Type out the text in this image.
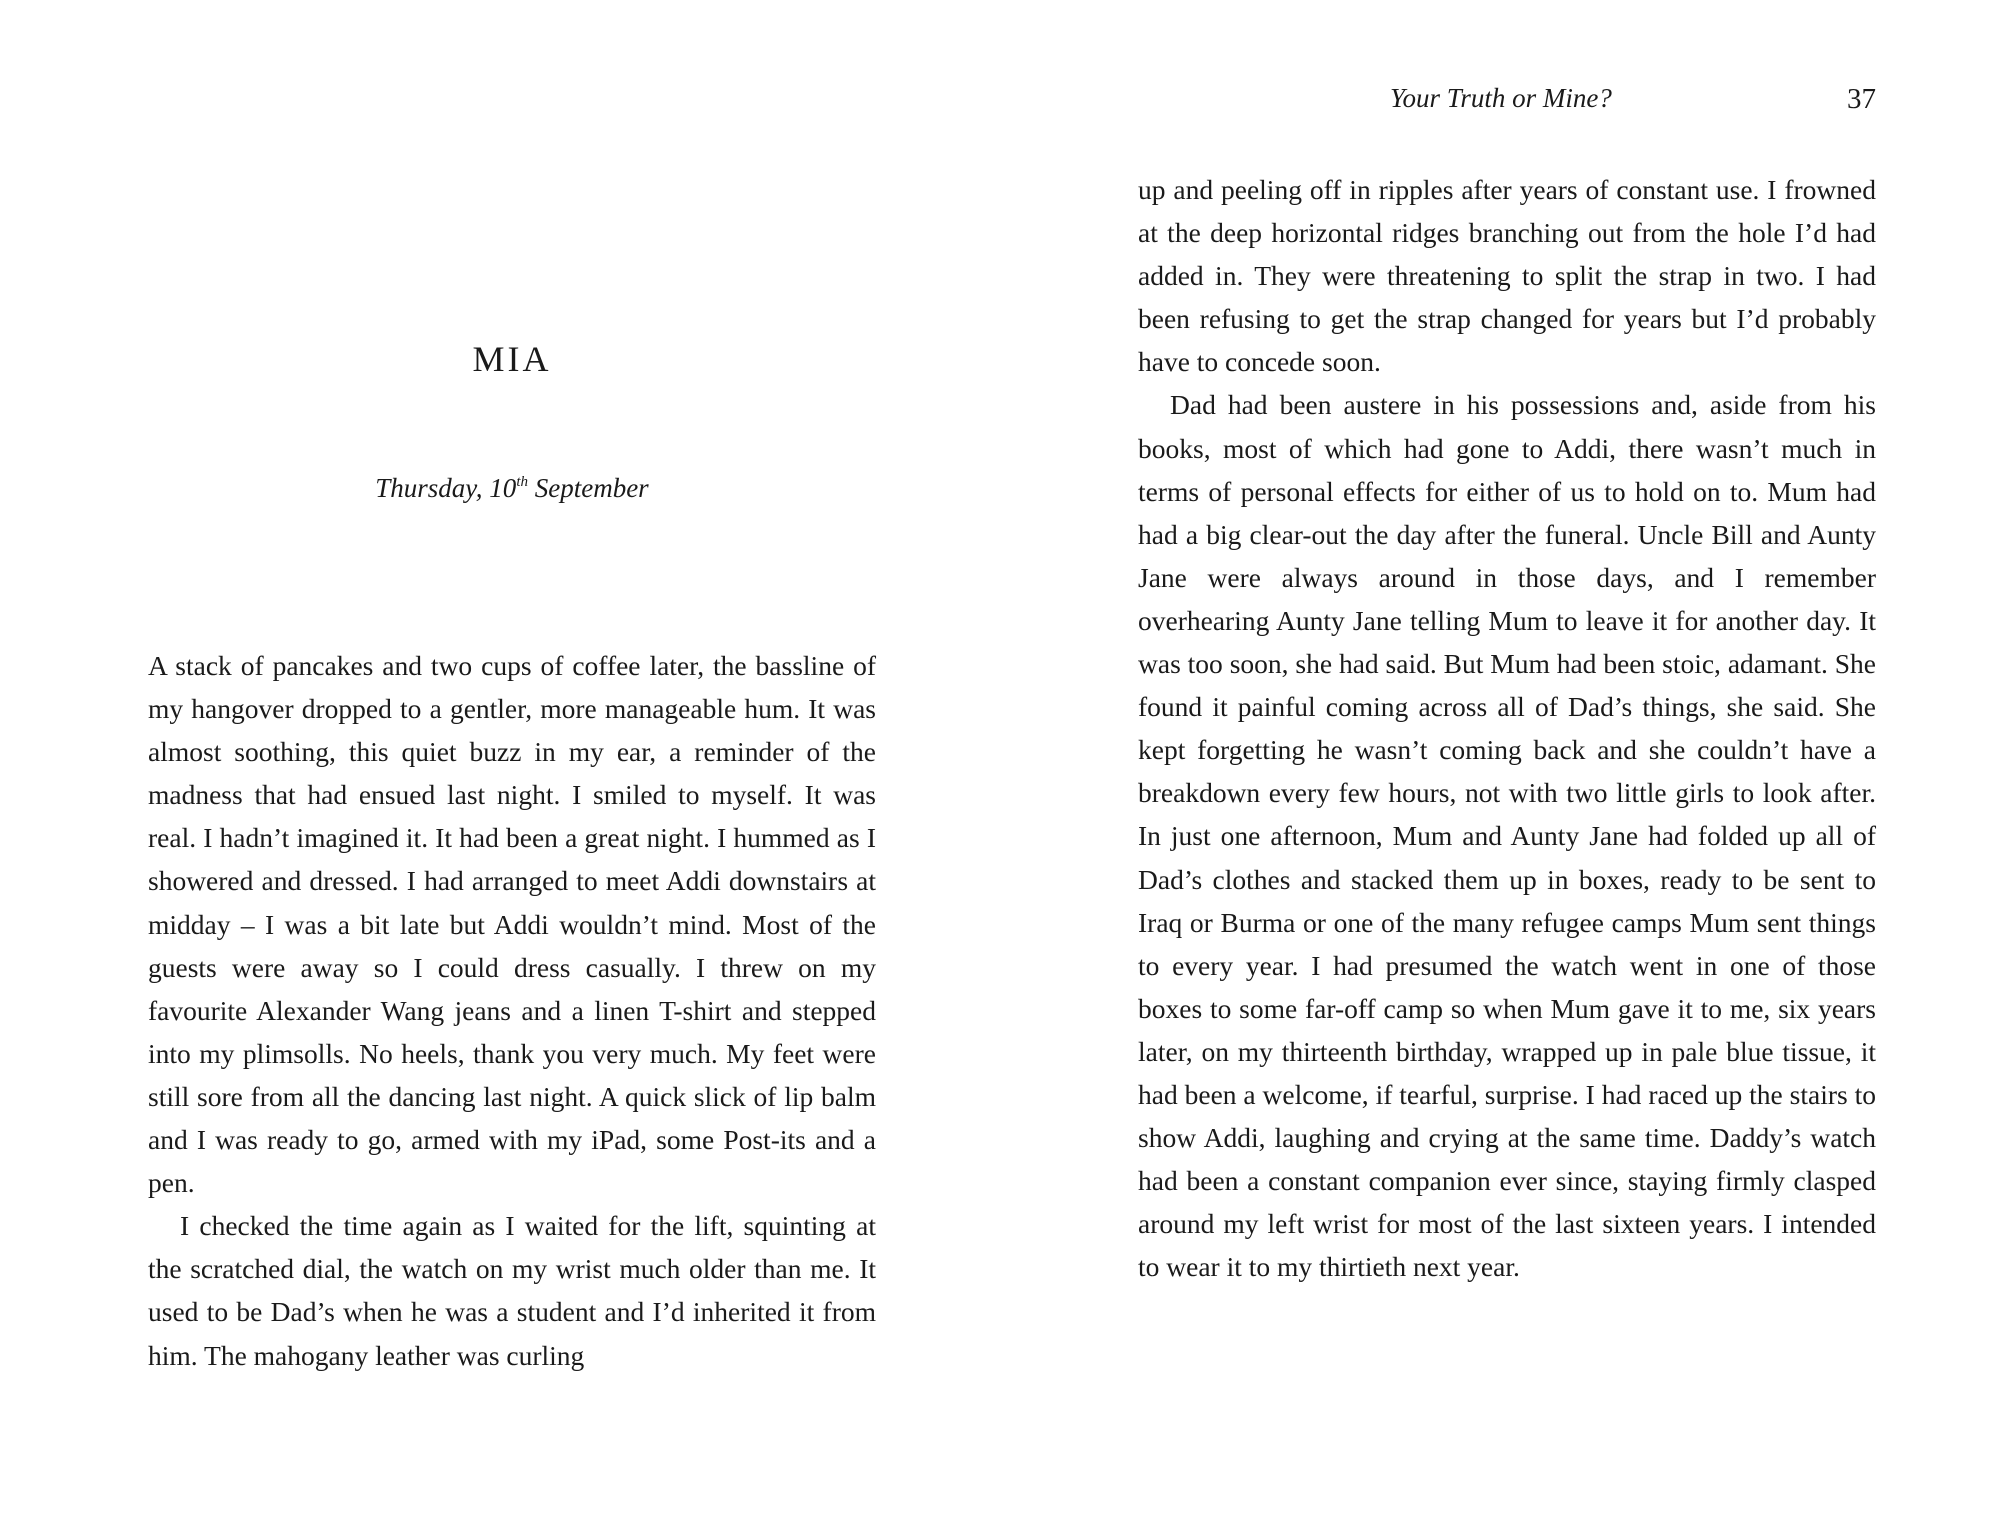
MIA

Thursday, 10th September

A stack of pancakes and two cups of coffee later, the bassline of my hangover dropped to a gentler, more manageable hum. It was almost soothing, this quiet buzz in my ear, a reminder of the madness that had ensued last night. I smiled to myself. It was real. I hadn’t imagined it. It had been a great night. I hummed as I showered and dressed. I had arranged to meet Addi downstairs at midday – I was a bit late but Addi wouldn’t mind. Most of the guests were away so I could dress casually. I threw on my favourite Alexander Wang jeans and a linen T-shirt and stepped into my plimsolls. No heels, thank you very much. My feet were still sore from all the dancing last night. A quick slick of lip balm and I was ready to go, armed with my iPad, some Post-its and a pen.

I checked the time again as I waited for the lift, squinting at the scratched dial, the watch on my wrist much older than me. It used to be Dad’s when he was a student and I’d inherited it from him. The mahogany leather was curling

Your Truth or Mine?	37

up and peeling off in ripples after years of constant use. I frowned at the deep horizontal ridges branching out from the hole I’d had added in. They were threatening to split the strap in two. I had been refusing to get the strap changed for years but I’d probably have to concede soon.

Dad had been austere in his possessions and, aside from his books, most of which had gone to Addi, there wasn’t much in terms of personal effects for either of us to hold on to. Mum had had a big clear-out the day after the funeral. Uncle Bill and Aunty Jane were always around in those days, and I remember overhearing Aunty Jane telling Mum to leave it for another day. It was too soon, she had said. But Mum had been stoic, adamant. She found it painful coming across all of Dad’s things, she said. She kept forgetting he wasn’t coming back and she couldn’t have a breakdown every few hours, not with two little girls to look after. In just one afternoon, Mum and Aunty Jane had folded up all of Dad’s clothes and stacked them up in boxes, ready to be sent to Iraq or Burma or one of the many refugee camps Mum sent things to every year. I had presumed the watch went in one of those boxes to some far-off camp so when Mum gave it to me, six years later, on my thirteenth birthday, wrapped up in pale blue tissue, it had been a welcome, if tearful, surprise. I had raced up the stairs to show Addi, laughing and crying at the same time. Daddy’s watch had been a constant companion ever since, staying firmly clasped around my left wrist for most of the last sixteen years. I intended to wear it to my thirtieth next year.
